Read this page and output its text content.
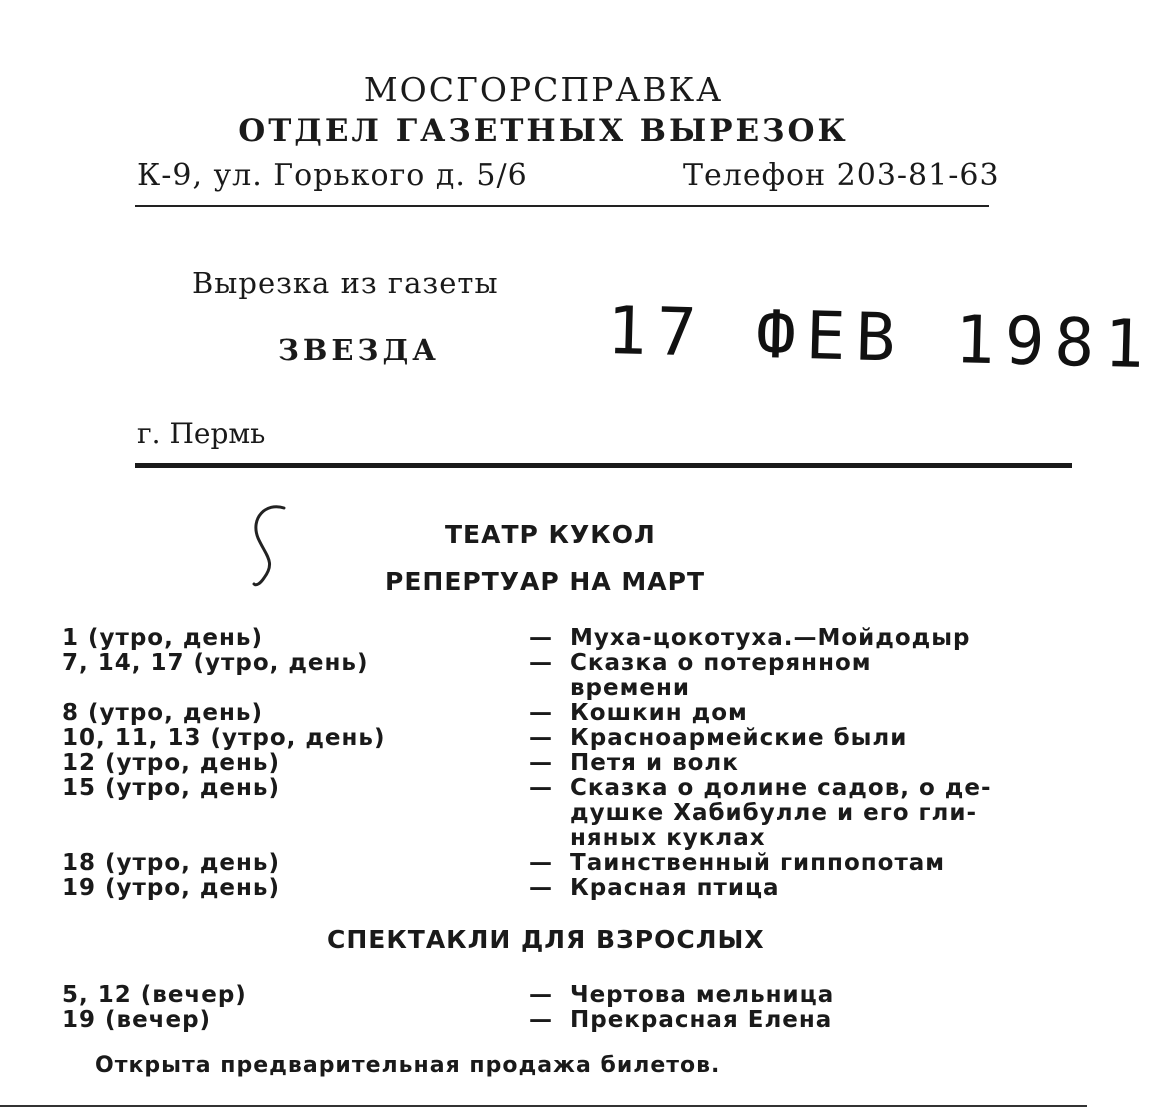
МОСГОРСПРАВКА
ОТДЕЛ ГАЗЕТНЫХ ВЫРЕЗОК
К-9, ул. Горького д. 5/6	Телефон 203-81-63
Вырезка из газеты
ЗВЕЗДА	17 ФЕВ 1981
г. Пермь
ТЕАТР КУКОЛ
РЕПЕРТУАР НА МАРТ
1 (утро, день)	— Муха-цокотуха.—Мойдодыр
7, 14, 17 (утро, день)	— Сказка о потерянном
времени
8 (утро, день)	— Кошкин дом
10, 11, 13 (утро, день)	— Красноармейские были
12 (утро, день)	— Петя и волк
15 (утро, день)	— Сказка о долине садов, о де-
душке Хабибулле и его гли-
няных куклах
18 (утро, день)	— Таинственный гиппопотам
19 (утро, день)	— Красная птица
СПЕКТАКЛИ ДЛЯ ВЗРОСЛЫХ
5, 12 (вечер)	— Чертова мельница
19 (вечер)	— Прекрасная Елена
Открыта предварительная продажа билетов.
